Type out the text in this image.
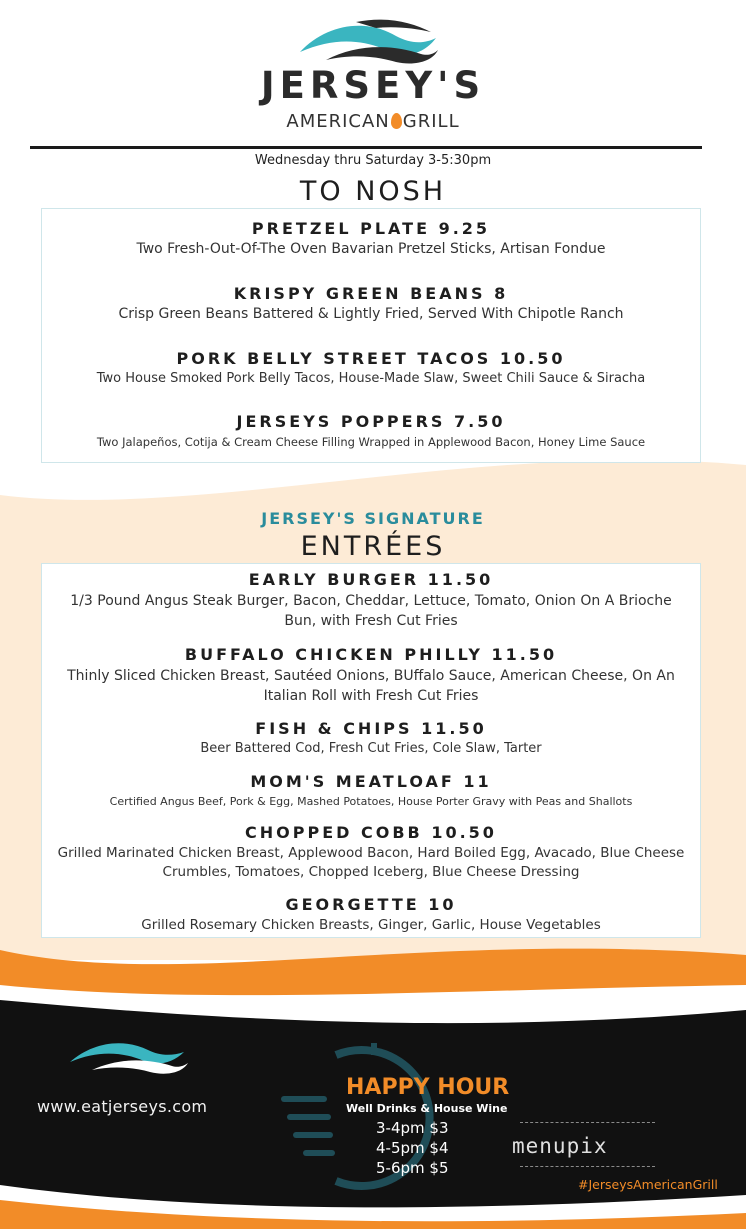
JERSEY'S
AMERICAN GRILL
Wednesday thru Saturday 3-5:30pm
TO NOSH
PRETZEL PLATE 9.25
Two Fresh-Out-Of-The Oven Bavarian Pretzel Sticks, Artisan Fondue
KRISPY GREEN BEANS 8
Crisp Green Beans Battered & Lightly Fried, Served With Chipotle Ranch
PORK BELLY STREET TACOS 10.50
Two House Smoked Pork Belly Tacos, House-Made Slaw, Sweet Chili Sauce & Siracha
JERSEYS POPPERS 7.50
Two Jalapeños, Cotija & Cream Cheese Filling Wrapped in Applewood Bacon, Honey Lime Sauce
JERSEY'S SIGNATURE
ENTRÉES
EARLY BURGER 11.50
1/3 Pound Angus Steak Burger, Bacon, Cheddar, Lettuce, Tomato, Onion On A Brioche Bun, with Fresh Cut Fries
BUFFALO CHICKEN PHILLY 11.50
Thinly Sliced Chicken Breast, Sautéed Onions, BUffalo Sauce, American Cheese, On An Italian Roll with Fresh Cut Fries
FISH & CHIPS 11.50
Beer Battered Cod, Fresh Cut Fries, Cole Slaw, Tarter
MOM'S MEATLOAF 11
Certified Angus Beef, Pork & Egg, Mashed Potatoes, House Porter Gravy with Peas and Shallots
CHOPPED COBB 10.50
Grilled Marinated Chicken Breast, Applewood Bacon, Hard Boiled Egg, Avacado, Blue Cheese Crumbles, Tomatoes, Chopped Iceberg, Blue Cheese Dressing
GEORGETTE 10
Grilled Rosemary Chicken Breasts, Ginger, Garlic, House Vegetables
www.eatjerseys.com
HAPPY HOUR
Well Drinks & House Wine
3-4pm $3
4-5pm $4
5-6pm $5
menupix
#JerseysAmericanGrill
